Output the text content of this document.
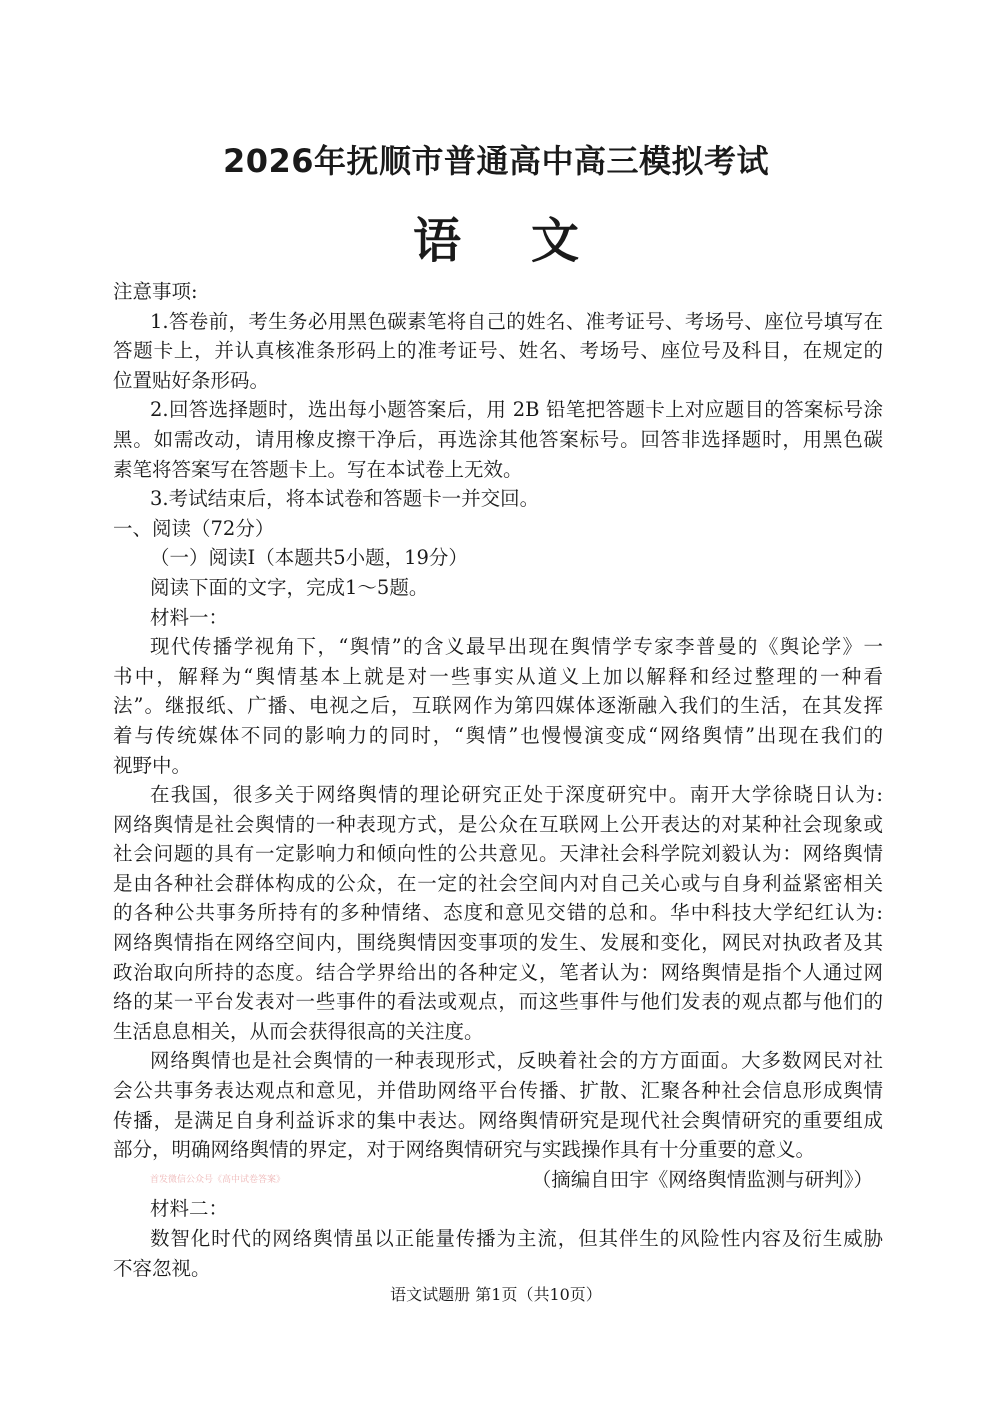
2026年抚顺市普通高中高三模拟考试
语文
注意事项:
1.答卷前，考生务必用黑色碳素笔将自己的姓名、准考证号、考场号、座位号填写在
答题卡上，并认真核准条形码上的准考证号、姓名、考场号、座位号及科目，在规定的
位置贴好条形码。
2.回答选择题时，选出每小题答案后，用 2B 铅笔把答题卡上对应题目的答案标号涂
黑。如需改动，请用橡皮擦干净后，再选涂其他答案标号。回答非选择题时，用黑色碳
素笔将答案写在答题卡上。写在本试卷上无效。
3.考试结束后，将本试卷和答题卡一并交回。
一、阅读（72分）
（一）阅读Ⅰ（本题共5小题，19分）
阅读下面的文字，完成1～5题。
材料一：
现代传播学视角下，“舆情”的含义最早出现在舆情学专家李普曼的《舆论学》一
书中，解释为“舆情基本上就是对一些事实从道义上加以解释和经过整理的一种看
法”。继报纸、广播、电视之后，互联网作为第四媒体逐渐融入我们的生活，在其发挥
着与传统媒体不同的影响力的同时，“舆情”也慢慢演变成“网络舆情”出现在我们的
视野中。
在我国，很多关于网络舆情的理论研究正处于深度研究中。南开大学徐晓日认为:
网络舆情是社会舆情的一种表现方式，是公众在互联网上公开表达的对某种社会现象或
社会问题的具有一定影响力和倾向性的公共意见。天津社会科学院刘毅认为：网络舆情
是由各种社会群体构成的公众，在一定的社会空间内对自己关心或与自身利益紧密相关
的各种公共事务所持有的多种情绪、态度和意见交错的总和。华中科技大学纪红认为:
网络舆情指在网络空间内，围绕舆情因变事项的发生、发展和变化，网民对执政者及其
政治取向所持的态度。结合学界给出的各种定义，笔者认为：网络舆情是指个人通过网
络的某一平台发表对一些事件的看法或观点，而这些事件与他们发表的观点都与他们的
生活息息相关，从而会获得很高的关注度。
网络舆情也是社会舆情的一种表现形式，反映着社会的方方面面。大多数网民对社
会公共事务表达观点和意见，并借助网络平台传播、扩散、汇聚各种社会信息形成舆情
传播，是满足自身利益诉求的集中表达。网络舆情研究是现代社会舆情研究的重要组成
部分，明确网络舆情的界定，对于网络舆情研究与实践操作具有十分重要的意义。
（摘编自田宇《网络舆情监测与研判》）
材料二：
数智化时代的网络舆情虽以正能量传播为主流，但其伴生的风险性内容及衍生威胁
不容忽视。
首发微信公众号《高中试卷答案》
语文试题册 第1页（共10页）
